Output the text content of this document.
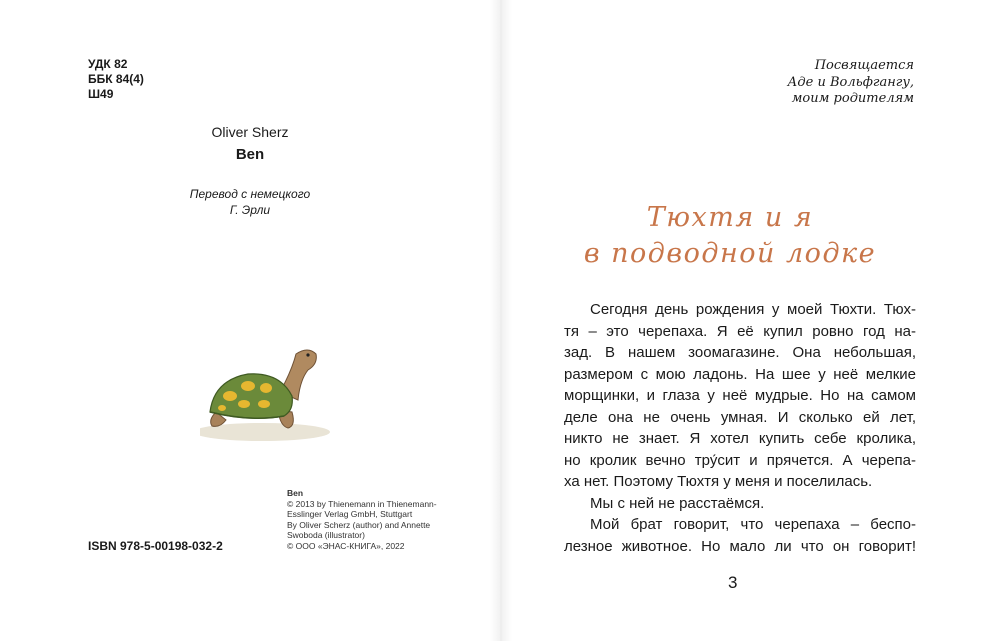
УДК 82
ББК 84(4)
Ш49
Oliver Sherz
Ben
Перевод с немецкого
Г. Эрли
Ben
© 2013 by Thienemann in Thienemann-
Esslinger Verlag GmbH, Stuttgart
By Oliver Scherz (author) and Annette
Swoboda (illustrator)
© ООО «ЭНАС-КНИГА», 2022
ISBN 978-5-00198-032-2
Посвящается
Аде и Вольфгангу,
моим родителям
Тюхтя и я
в подводной лодке
Сегодня день рождения у моей Тюхти. Тюх-
тя – это черепаха. Я её купил ровно год на-
зад. В нашем зоомагазине. Она небольшая,
размером с мою ладонь. На шее у неё мелкие
морщинки, и глаза у неё мудрые. Но на самом
деле она не очень умная. И сколько ей лет,
никто не знает. Я хотел купить себе кролика,
но кролик вечно тру́сит и прячется. А черепа-
ха нет. Поэтому Тюхтя у меня и поселилась.
Мы с ней не расстаёмся.
Мой брат говорит, что черепаха – беспо-
лезное животное. Но мало ли что он говорит!
3
